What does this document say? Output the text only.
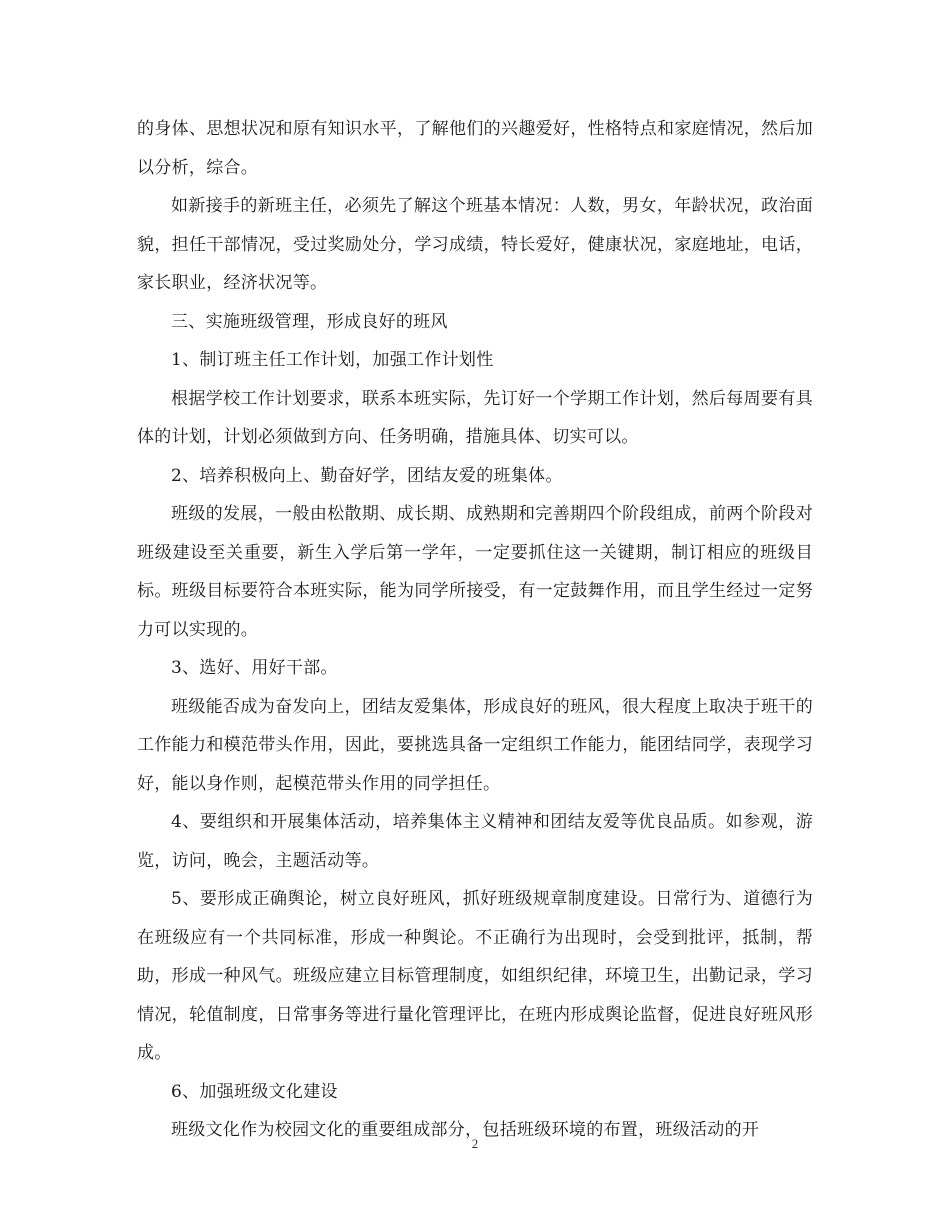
的身体、思想状况和原有知识水平，了解他们的兴趣爱好，性格特点和家庭情况，然后加以分析，综合。

如新接手的新班主任，必须先了解这个班基本情况：人数，男女，年龄状况，政治面貌，担任干部情况，受过奖励处分，学习成绩，特长爱好，健康状况，家庭地址，电话，家长职业，经济状况等。

三、实施班级管理，形成良好的班风

1、制订班主任工作计划，加强工作计划性

根据学校工作计划要求，联系本班实际，先订好一个学期工作计划，然后每周要有具体的计划，计划必须做到方向、任务明确，措施具体、切实可以。

2、培养积极向上、勤奋好学，团结友爱的班集体。

班级的发展，一般由松散期、成长期、成熟期和完善期四个阶段组成，前两个阶段对班级建设至关重要，新生入学后第一学年，一定要抓住这一关键期，制订相应的班级目标。班级目标要符合本班实际，能为同学所接受，有一定鼓舞作用，而且学生经过一定努力可以实现的。

3、选好、用好干部。

班级能否成为奋发向上，团结友爱集体，形成良好的班风，很大程度上取决于班干的工作能力和模范带头作用，因此，要挑选具备一定组织工作能力，能团结同学，表现学习好，能以身作则，起模范带头作用的同学担任。

4、要组织和开展集体活动，培养集体主义精神和团结友爱等优良品质。如参观，游览，访问，晚会，主题活动等。

5、要形成正确舆论，树立良好班风，抓好班级规章制度建设。日常行为、道德行为在班级应有一个共同标准，形成一种舆论。不正确行为出现时，会受到批评，抵制，帮助，形成一种风气。班级应建立目标管理制度，如组织纪律，环境卫生，出勤记录，学习情况，轮值制度，日常事务等进行量化管理评比，在班内形成舆论监督，促进良好班风形成。

6、加强班级文化建设

班级文化作为校园文化的重要组成部分，包括班级环境的布置，班级活动的开

2
